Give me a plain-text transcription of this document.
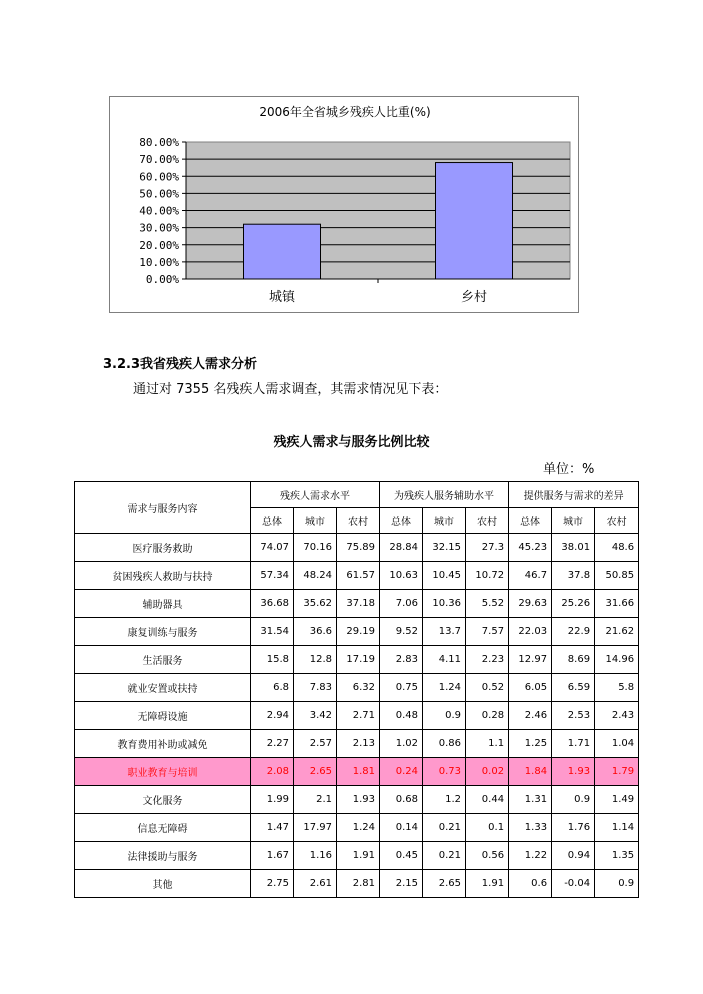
2006年全省城乡残疾人比重(%)
0.00%
10.00%
20.00%
30.00%
40.00%
50.00%
60.00%
70.00%
80.00%
城镇	乡村
3.2.3我省残疾人需求分析
通过对 7355 名残疾人需求调查，其需求情况见下表：
残疾人需求与服务比例比较
单位：%
需求与服务内容	残疾人需求水平			为残疾人服务辅助水平			提供服务与需求的差异		
	总体	城市	农村	总体	城市	农村	总体	城市	农村
医疗服务救助	74.07	70.16	75.89	28.84	32.15	27.3	45.23	38.01	48.6
贫困残疾人救助与扶持	57.34	48.24	61.57	10.63	10.45	10.72	46.7	37.8	50.85
辅助器具	36.68	35.62	37.18	7.06	10.36	5.52	29.63	25.26	31.66
康复训练与服务	31.54	36.6	29.19	9.52	13.7	7.57	22.03	22.9	21.62
生活服务	15.8	12.8	17.19	2.83	4.11	2.23	12.97	8.69	14.96
就业安置或扶持	6.8	7.83	6.32	0.75	1.24	0.52	6.05	6.59	5.8
无障碍设施	2.94	3.42	2.71	0.48	0.9	0.28	2.46	2.53	2.43
教育费用补助或减免	2.27	2.57	2.13	1.02	0.86	1.1	1.25	1.71	1.04
职业教育与培训	2.08	2.65	1.81	0.24	0.73	0.02	1.84	1.93	1.79
文化服务	1.99	2.1	1.93	0.68	1.2	0.44	1.31	0.9	1.49
信息无障碍	1.47	17.97	1.24	0.14	0.21	0.1	1.33	1.76	1.14
法律援助与服务	1.67	1.16	1.91	0.45	0.21	0.56	1.22	0.94	1.35
其他	2.75	2.61	2.81	2.15	2.65	1.91	0.6	-0.04	0.9
